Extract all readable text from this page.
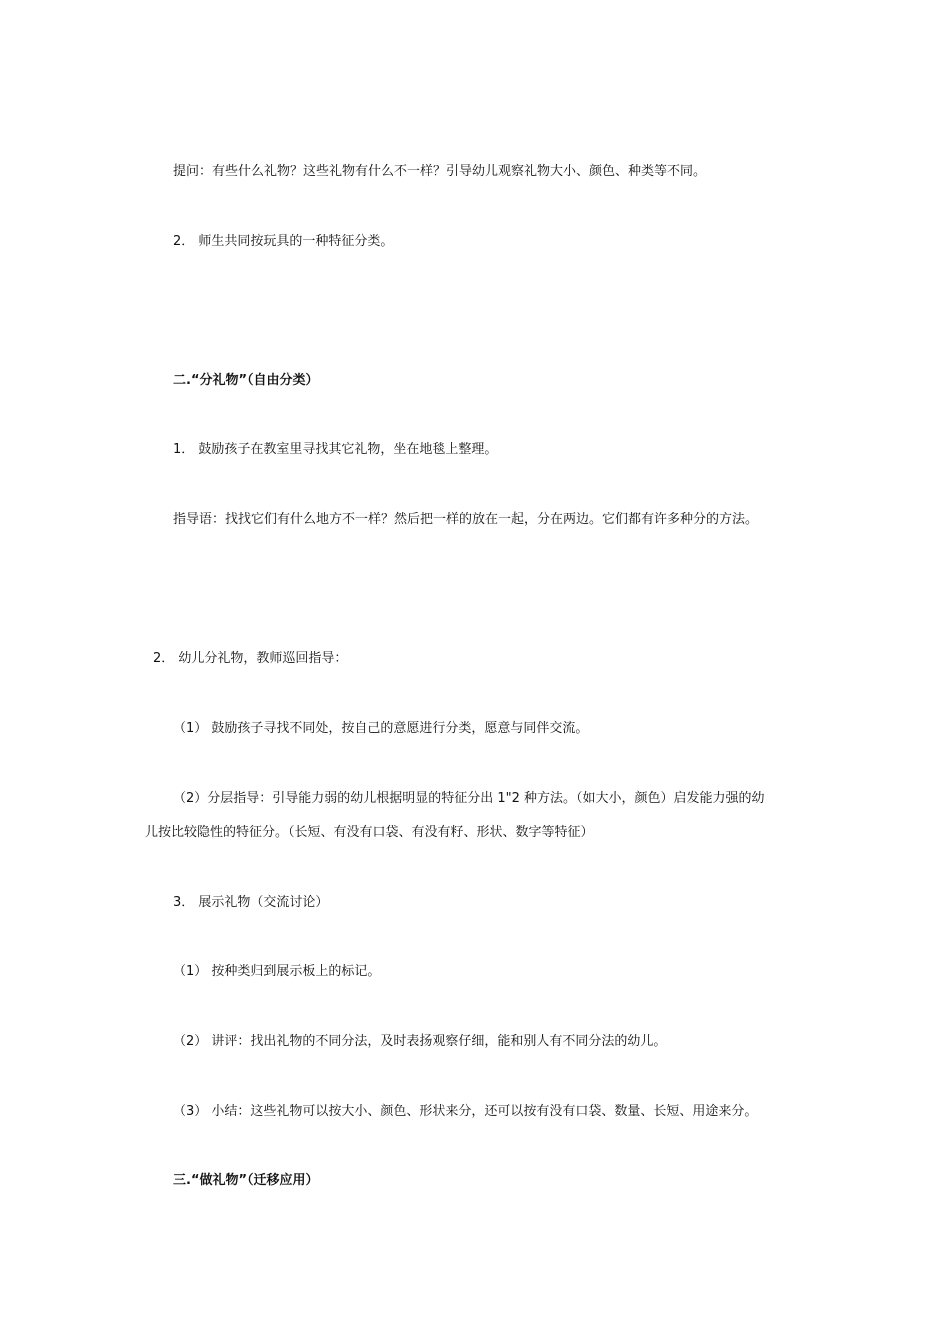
提问：有些什么礼物？这些礼物有什么不一样？引导幼儿观察礼物大小、颜色、种类等不同。
2． 师生共同按玩具的一种特征分类。
二.“分礼物”（自由分类）
1． 鼓励孩子在教室里寻找其它礼物，坐在地毯上整理。
指导语：找找它们有什么地方不一样？然后把一样的放在一起，分在两边。它们都有许多种分的方法。
2． 幼儿分礼物，教师巡回指导：
（1） 鼓励孩子寻找不同处，按自己的意愿进行分类，愿意与同伴交流。
（2）分层指导：引导能力弱的幼儿根据明显的特征分出 1"2 种方法。（如大小，颜色）启发能力强的幼
儿按比较隐性的特征分。（长短、有没有口袋、有没有籽、形状、数字等特征）
3． 展示礼物（交流讨论）
（1） 按种类归到展示板上的标记。
（2） 讲评：找出礼物的不同分法，及时表扬观察仔细，能和别人有不同分法的幼儿。
（3） 小结：这些礼物可以按大小、颜色、形状来分，还可以按有没有口袋、数量、长短、用途来分。
三.“做礼物”（迁移应用）
